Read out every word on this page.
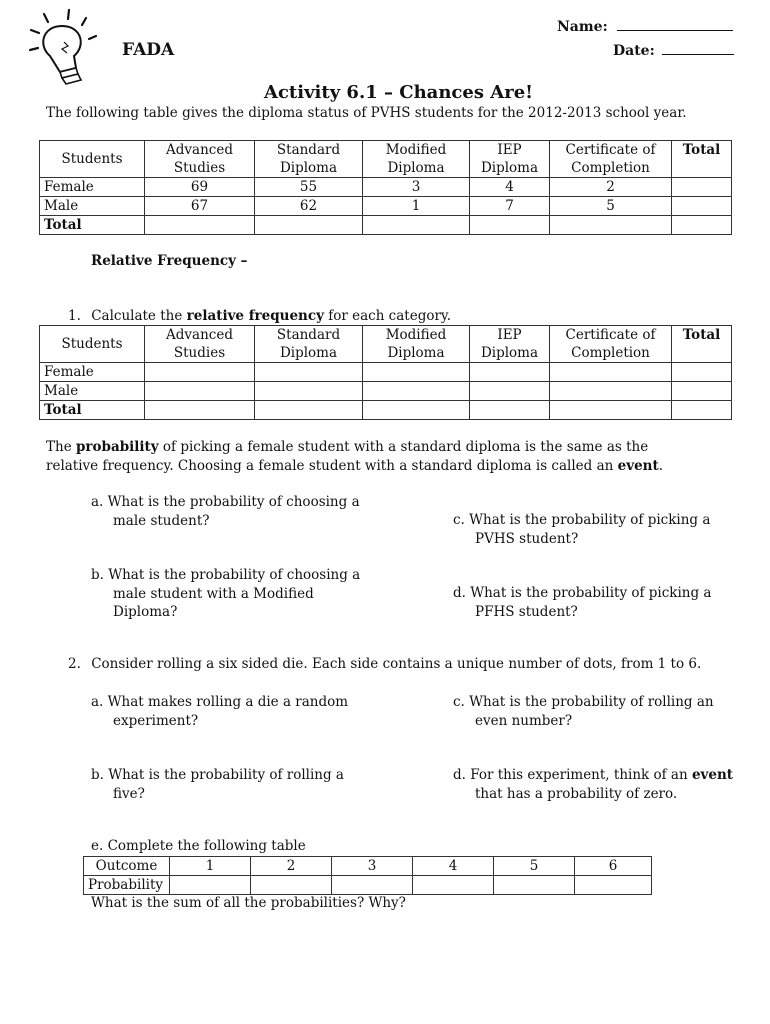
FADA
Name:
Date:
Activity 6.1 – Chances Are!
The following table gives the diploma status of PVHS students for the 2012-2013 school year.
Students	Advanced Studies	Standard Diploma	Modified Diploma	IEP Diploma	Certificate of Completion	Total
Female	69	55	3	4	2	
Male	67	62	1	7	5	
Total						
Relative Frequency –
1. Calculate the relative frequency for each category.
Students	Advanced Studies	Standard Diploma	Modified Diploma	IEP Diploma	Certificate of Completion	Total
Female						
Male						
Total						
The probability of picking a female student with a standard diploma is the same as the relative frequency. Choosing a female student with a standard diploma is called an event.
a. What is the probability of choosing a
male student?
b. What is the probability of choosing a
male student with a Modified
Diploma?
c. What is the probability of picking a
PVHS student?
d. What is the probability of picking a
PFHS student?
2. Consider rolling a six sided die. Each side contains a unique number of dots, from 1 to 6.
a. What makes rolling a die a random
experiment?
b. What is the probability of rolling a
five?
c. What is the probability of rolling an
even number?
d. For this experiment, think of an event
that has a probability of zero.
e. Complete the following table
Outcome	1	2	3	4	5	6
Probability						
What is the sum of all the probabilities? Why?
